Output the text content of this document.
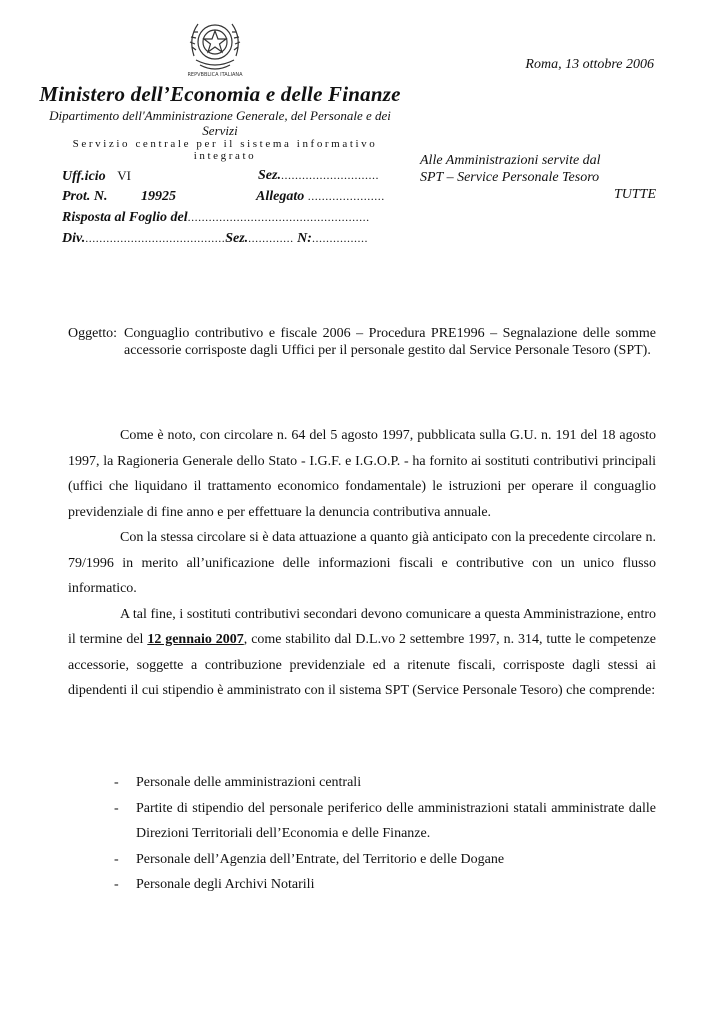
REPVBBLICA ITALIANA
Roma, 13 ottobre 2006
Ministero dell’Economia e delle Finanze
Dipartimento dell'Amministrazione Generale, del Personale e dei Servizi
Servizio centrale per il sistema informativo integrato
Uff.icio VI	Sez.............................
Prot. N. 19925	Allegato ......................
Risposta al Foglio del....................................................
Div.........................................Sez.............. N:................
Alle Amministrazioni servite dal
SPT – Service Personale Tesoro
TUTTE
Oggetto: Conguaglio contributivo e fiscale 2006 – Procedura PRE1996 – Segnalazione delle somme accessorie corrisposte dagli Uffici per il personale gestito dal Service Personale Tesoro (SPT).

Come è noto, con circolare n. 64 del 5 agosto 1997, pubblicata sulla G.U. n. 191 del 18 agosto 1997, la Ragioneria Generale dello Stato - I.G.F. e I.G.O.P. - ha fornito ai sostituti contributivi principali (uffici che liquidano il trattamento economico fondamentale) le istruzioni per operare il conguaglio previdenziale di fine anno e per effettuare la denuncia contributiva annuale.

Con la stessa circolare si è data attuazione a quanto già anticipato con la precedente circolare n. 79/1996 in merito all’unificazione delle informazioni fiscali e contributive con un unico flusso informatico.

A tal fine, i sostituti contributivi secondari devono comunicare a questa Amministrazione, entro il termine del 12 gennaio 2007, come stabilito dal D.L.vo 2 settembre 1997, n. 314, tutte le competenze accessorie, soggette a contribuzione previdenziale ed a ritenute fiscali, corrisposte dagli stessi ai dipendenti il cui stipendio è amministrato con il sistema SPT (Service Personale Tesoro) che comprende:

- Personale delle amministrazioni centrali
- Partite di stipendio del personale periferico delle amministrazioni statali amministrate dalle Direzioni Territoriali dell’Economia e delle Finanze.
- Personale dell’Agenzia dell’Entrate, del Territorio e delle Dogane
- Personale degli Archivi Notarili
